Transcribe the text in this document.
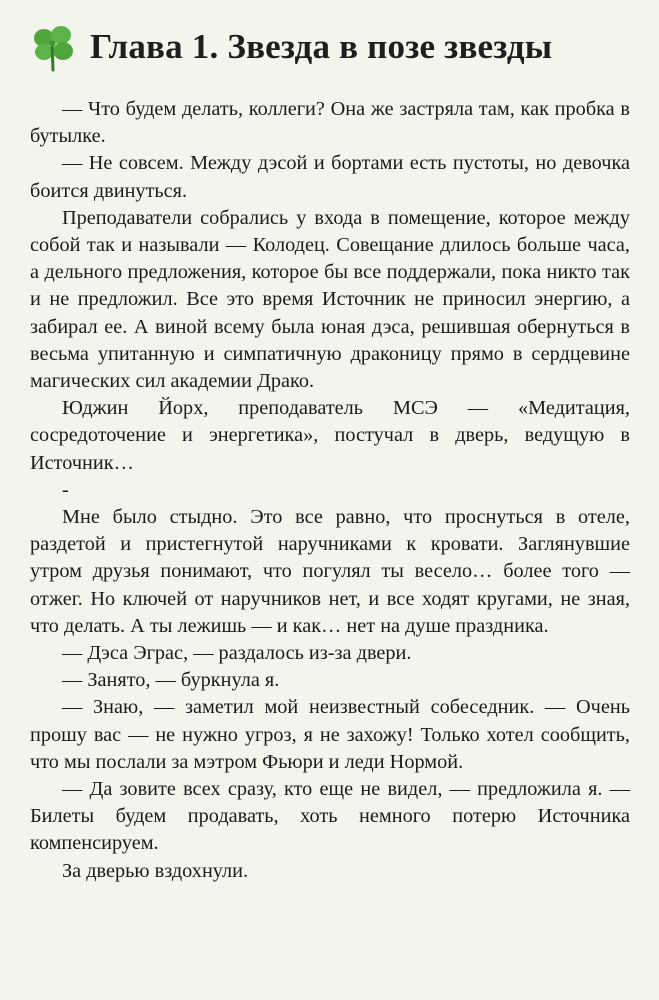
Глава 1. Звезда в позе звезды

— Что будем делать, коллеги? Она же застряла там, как пробка в бутылке.

— Не совсем. Между дэсой и бортами есть пустоты, но девочка боится двинуться.

Преподаватели собрались у входа в помещение, которое между собой так и называли — Колодец. Совещание длилось больше часа, а дельного предложения, которое бы все поддержали, пока никто так и не предложил. Все это время Источник не приносил энергию, а забирал ее. А виной всему была юная дэса, решившая обернуться в весьма упитанную и симпатичную драконицу прямо в сердцевине магических сил академии Драко.

Юджин Йорх, преподаватель МСЭ — «Медитация, сосредоточение и энергетика», постучал в дверь, ведущую в Источник…

-

Мне было стыдно. Это все равно, что проснуться в отеле, раздетой и пристегнутой наручниками к кровати. Заглянувшие утром друзья понимают, что погулял ты весело… более того — отжег. Но ключей от наручников нет, и все ходят кругами, не зная, что делать. А ты лежишь — и как… нет на душе праздника.

— Дэса Эграс, — раздалось из-за двери.

— Занято, — буркнула я.

— Знаю, — заметил мой неизвестный собеседник. — Очень прошу вас — не нужно угроз, я не захожу! Только хотел сообщить, что мы послали за мэтром Фьюри и леди Нормой.

— Да зовите всех сразу, кто еще не видел, — предложила я. — Билеты будем продавать, хоть немного потерю Источника компенсируем.

За дверью вздохнули.
